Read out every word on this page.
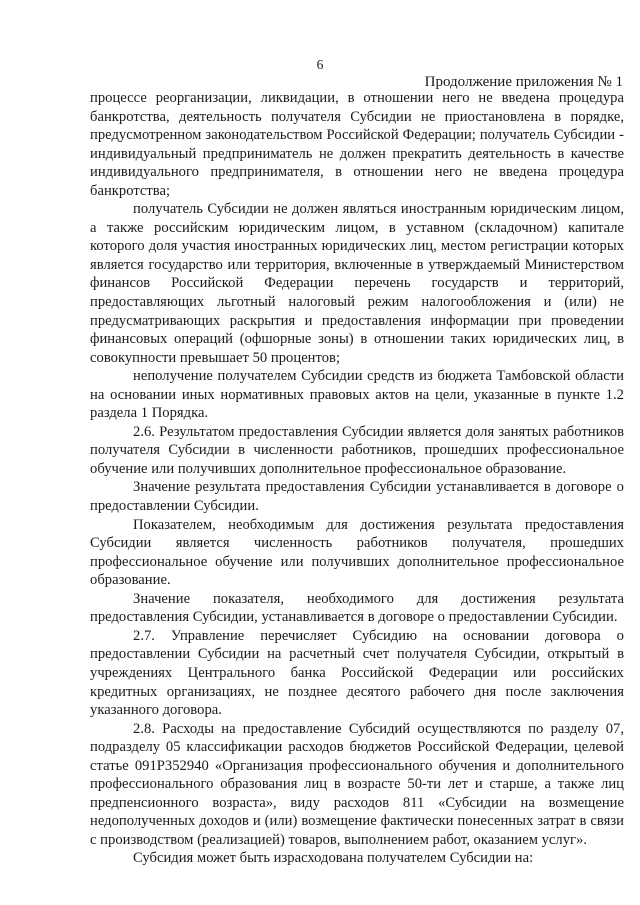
6
Продолжение приложения № 1

процессе реорганизации, ликвидации, в отношении него не введена процедура банкротства, деятельность получателя Субсидии не приостановлена в порядке, предусмотренном законодательством Российской Федерации; получатель Субсидии - индивидуальный предприниматель не должен прекратить деятельность в качестве индивидуального предпринимателя, в отношении него не введена процедура банкротства;

получатель Субсидии не должен являться иностранным юридическим лицом, а также российским юридическим лицом, в уставном (складочном) капитале которого доля участия иностранных юридических лиц, местом регистрации которых является государство или территория, включенные в утверждаемый Министерством финансов Российской Федерации перечень государств и территорий, предоставляющих льготный налоговый режим налогообложения и (или) не предусматривающих раскрытия и предоставления информации при проведении финансовых операций (офшорные зоны) в отношении таких юридических лиц, в совокупности превышает 50 процентов;

неполучение получателем Субсидии средств из бюджета Тамбовской области на основании иных нормативных правовых актов на цели, указанные в пункте 1.2 раздела 1 Порядка.

2.6. Результатом предоставления Субсидии является доля занятых работников получателя Субсидии в численности работников, прошедших профессиональное обучение или получивших дополнительное профессиональное образование.

Значение результата предоставления Субсидии устанавливается в договоре о предоставлении Субсидии.

Показателем, необходимым для достижения результата предоставления Субсидии является численность работников получателя, прошедших профессиональное обучение или получивших дополнительное профессиональное образование.

Значение показателя, необходимого для достижения результата предоставления Субсидии, устанавливается в договоре о предоставлении Субсидии.

2.7. Управление перечисляет Субсидию на основании договора о предоставлении Субсидии на расчетный счет получателя Субсидии, открытый в учреждениях Центрального банка Российской Федерации или российских кредитных организациях, не позднее десятого рабочего дня после заключения указанного договора.

2.8. Расходы на предоставление Субсидий осуществляются по разделу 07, подразделу 05 классификации расходов бюджетов Российской Федерации, целевой статье 091Р352940 «Организация профессионального обучения и дополнительного профессионального образования лиц в возрасте 50-ти лет и старше, а также лиц предпенсионного возраста», виду расходов 811 «Субсидии на возмещение недополученных доходов и (или) возмещение фактически понесенных затрат в связи с производством (реализацией) товаров, выполнением работ, оказанием услуг».

Субсидия может быть израсходована получателем Субсидии на:
